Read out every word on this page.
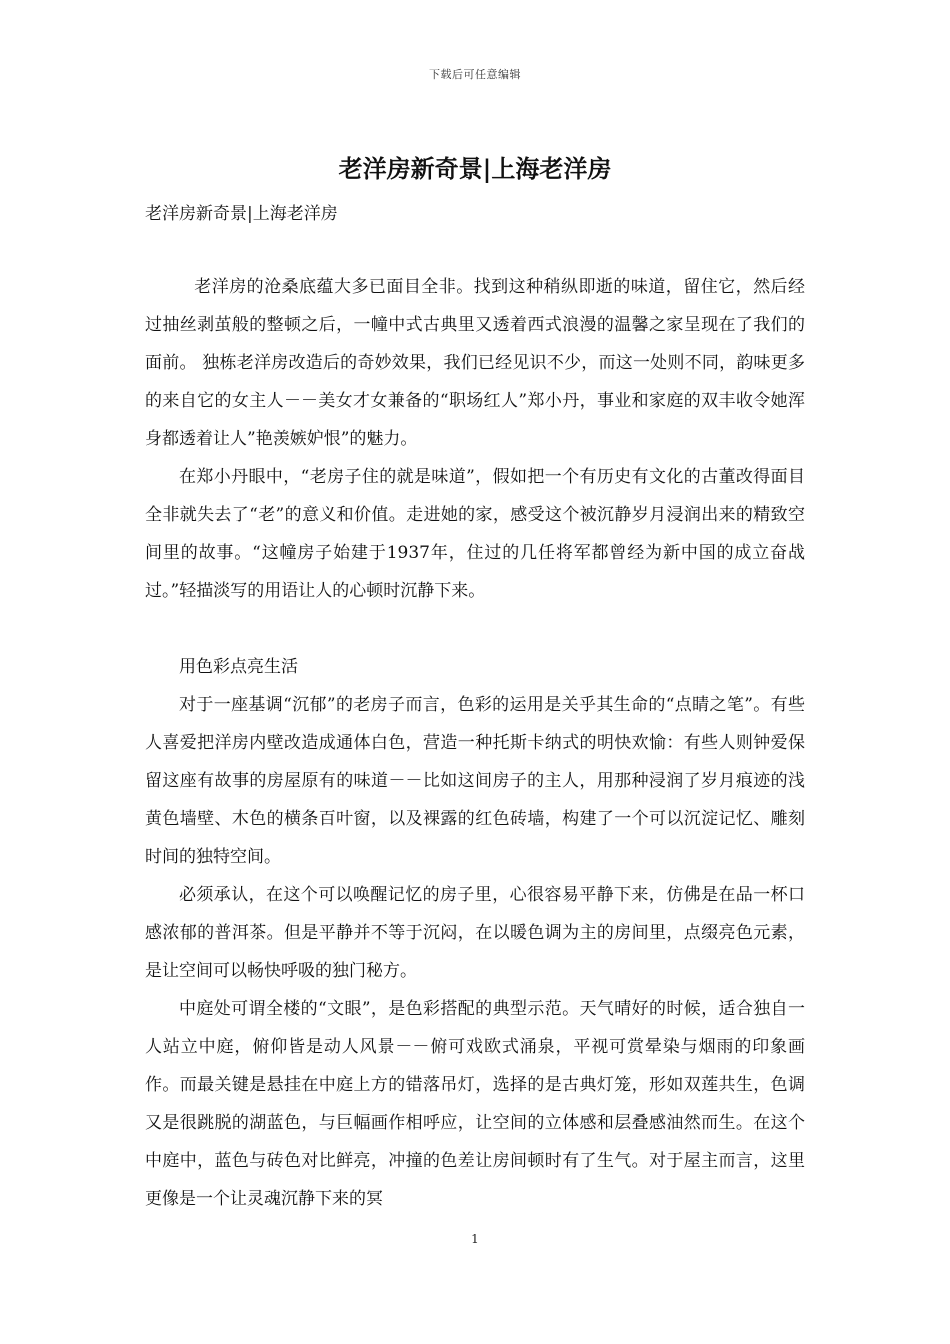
下载后可任意编辑
老洋房新奇景|上海老洋房

老洋房新奇景|上海老洋房

老洋房的沧桑底蕴大多已面目全非。找到这种稍纵即逝的味道，留住它，然后经过抽丝剥茧般的整顿之后，一幢中式古典里又透着西式浪漫的温馨之家呈现在了我们的面前。 独栋老洋房改造后的奇妙效果，我们已经见识不少，而这一处则不同，韵味更多的来自它的女主人－－美女才女兼备的“职场红人”郑小丹，事业和家庭的双丰收令她浑身都透着让人”艳羡嫉妒恨”的魅力。

在郑小丹眼中，“老房子住的就是味道”，假如把一个有历史有文化的古董改得面目全非就失去了“老”的意义和价值。走进她的家，感受这个被沉静岁月浸润出来的精致空间里的故事。“这幢房子始建于1937年，住过的几任将军都曾经为新中国的成立奋战过。”轻描淡写的用语让人的心顿时沉静下来。

用色彩点亮生活

对于一座基调“沉郁”的老房子而言，色彩的运用是关乎其生命的“点睛之笔”。有些人喜爱把洋房内壁改造成通体白色，营造一种托斯卡纳式的明快欢愉：有些人则钟爱保留这座有故事的房屋原有的味道－－比如这间房子的主人，用那种浸润了岁月痕迹的浅黄色墙壁、木色的横条百叶窗，以及裸露的红色砖墙，构建了一个可以沉淀记忆、雕刻时间的独特空间。

必须承认，在这个可以唤醒记忆的房子里，心很容易平静下来，仿佛是在品一杯口感浓郁的普洱茶。但是平静并不等于沉闷，在以暖色调为主的房间里，点缀亮色元素，是让空间可以畅快呼吸的独门秘方。

中庭处可谓全楼的“文眼”，是色彩搭配的典型示范。天气晴好的时候，适合独自一人站立中庭，俯仰皆是动人风景－－俯可戏欧式涌泉，平视可赏晕染与烟雨的印象画作。而最关键是悬挂在中庭上方的错落吊灯，选择的是古典灯笼，形如双莲共生，色调又是很跳脱的湖蓝色，与巨幅画作相呼应，让空间的立体感和层叠感油然而生。在这个中庭中，蓝色与砖色对比鲜亮，冲撞的色差让房间顿时有了生气。对于屋主而言，这里更像是一个让灵魂沉静下来的冥

1
